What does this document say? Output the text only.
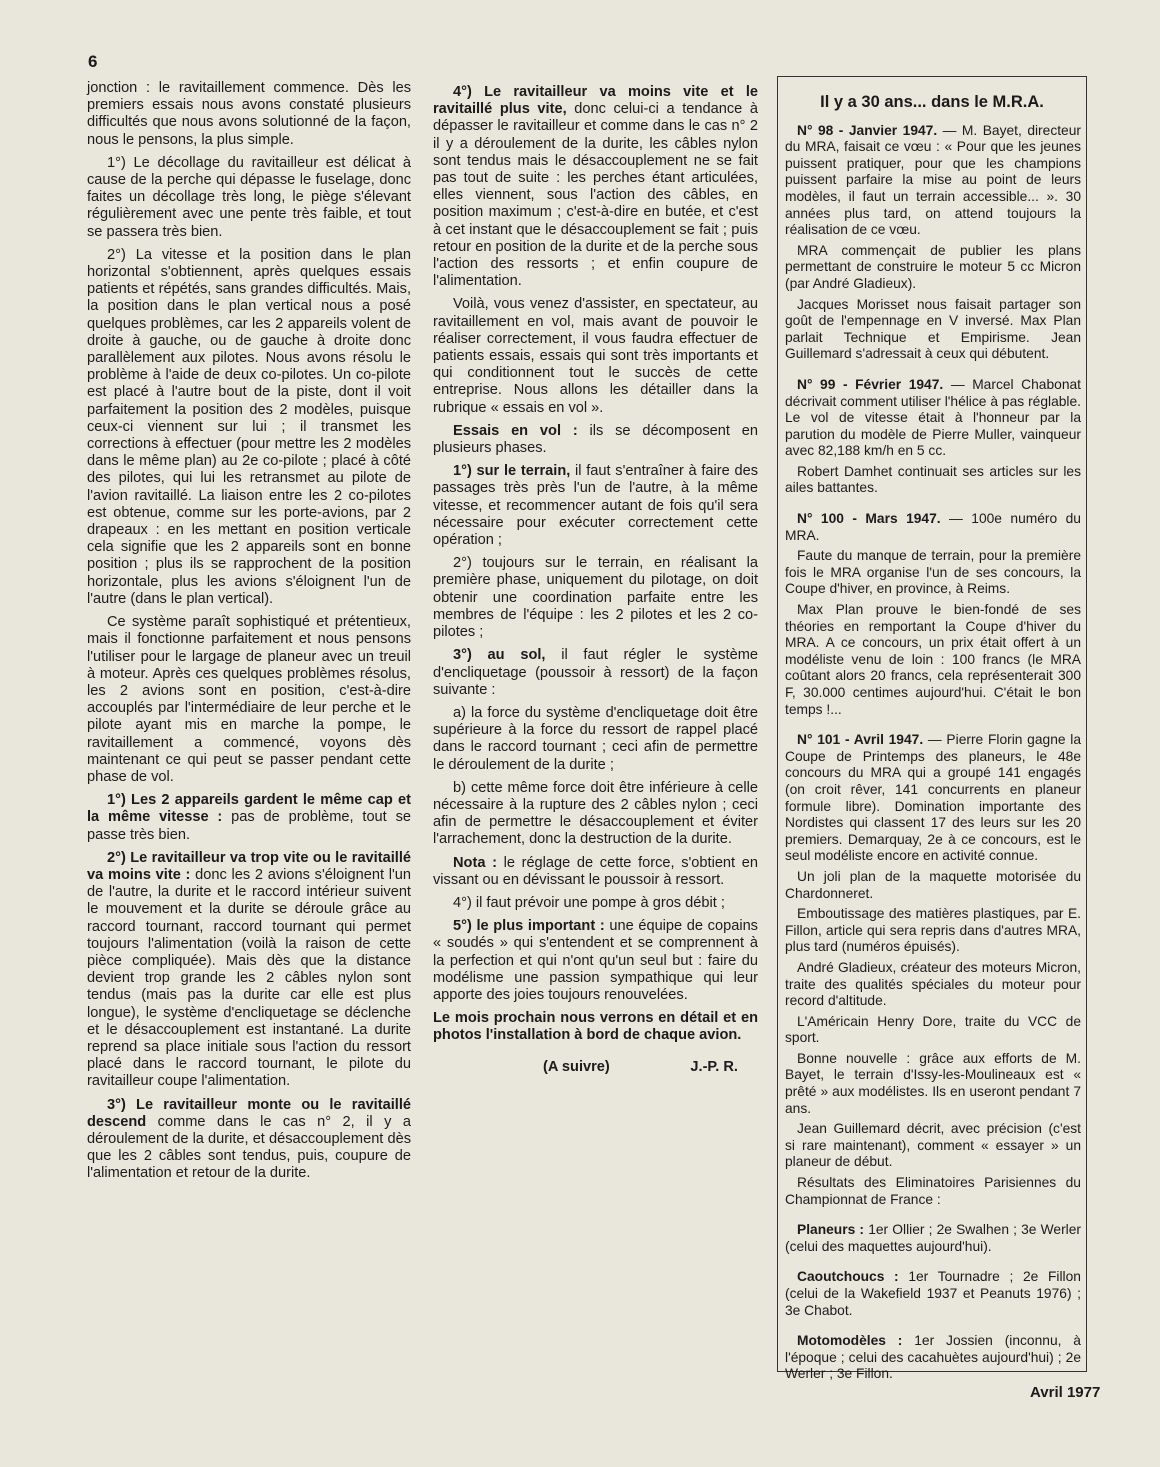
6

jonction : le ravitaillement commence. Dès les premiers essais nous avons constaté plusieurs difficultés que nous avons solutionné de la façon, nous le pensons, la plus simple.

1°) Le décollage du ravitailleur est délicat à cause de la perche qui dépasse le fuselage, donc faites un décollage très long, le piège s'élevant régulièrement avec une pente très faible, et tout se passera très bien.

2°) La vitesse et la position dans le plan horizontal s'obtiennent, après quelques essais patients et répétés, sans grandes difficultés. Mais, la position dans le plan vertical nous a posé quelques problèmes, car les 2 appareils volent de droite à gauche, ou de gauche à droite donc parallèlement aux pilotes. Nous avons résolu le problème à l'aide de deux co-pilotes. Un co-pilote est placé à l'autre bout de la piste, dont il voit parfaitement la position des 2 modèles, puisque ceux-ci viennent sur lui ; il transmet les corrections à effectuer (pour mettre les 2 modèles dans le même plan) au 2e co-pilote ; placé à côté des pilotes, qui lui les retransmet au pilote de l'avion ravitaillé. La liaison entre les 2 co-pilotes est obtenue, comme sur les porte-avions, par 2 drapeaux : en les mettant en position verticale cela signifie que les 2 appareils sont en bonne position ; plus ils se rapprochent de la position horizontale, plus les avions s'éloignent l'un de l'autre (dans le plan vertical).

Ce système paraît sophistiqué et prétentieux, mais il fonctionne parfaitement et nous pensons l'utiliser pour le largage de planeur avec un treuil à moteur. Après ces quelques problèmes résolus, les 2 avions sont en position, c'est-à-dire accouplés par l'intermédiaire de leur perche et le pilote ayant mis en marche la pompe, le ravitaillement a commencé, voyons dès maintenant ce qui peut se passer pendant cette phase de vol.

1°) Les 2 appareils gardent le même cap et la même vitesse : pas de problème, tout se passe très bien.

2°) Le ravitailleur va trop vite ou le ravitaillé va moins vite : donc les 2 avions s'éloignent l'un de l'autre, la durite et le raccord intérieur suivent le mouvement et la durite se déroule grâce au raccord tournant, raccord tournant qui permet toujours l'alimentation (voilà la raison de cette pièce compliquée). Mais dès que la distance devient trop grande les 2 câbles nylon sont tendus (mais pas la durite car elle est plus longue), le système d'encliquetage se déclenche et le désaccouplement est instantané. La durite reprend sa place initiale sous l'action du ressort placé dans le raccord tournant, le pilote du ravitailleur coupe l'alimentation.

3°) Le ravitailleur monte ou le ravitaillé descend comme dans le cas n° 2, il y a déroulement de la durite, et désaccouplement dès que les 2 câbles sont tendus, puis, coupure de l'alimentation et retour de la durite.

4°) Le ravitailleur va moins vite et le ravitaillé plus vite, donc celui-ci a tendance à dépasser le ravitailleur et comme dans le cas n° 2 il y a déroulement de la durite, les câbles nylon sont tendus mais le désaccouplement ne se fait pas tout de suite : les perches étant articulées, elles viennent, sous l'action des câbles, en position maximum ; c'est-à-dire en butée, et c'est à cet instant que le désaccouplement se fait ; puis retour en position de la durite et de la perche sous l'action des ressorts ; et enfin coupure de l'alimentation.

Voilà, vous venez d'assister, en spectateur, au ravitaillement en vol, mais avant de pouvoir le réaliser correctement, il vous faudra effectuer de patients essais, essais qui sont très importants et qui conditionnent tout le succès de cette entreprise. Nous allons les détailler dans la rubrique « essais en vol ».

Essais en vol : ils se décomposent en plusieurs phases.

1°) sur le terrain, il faut s'entraîner à faire des passages très près l'un de l'autre, à la même vitesse, et recommencer autant de fois qu'il sera nécessaire pour exécuter correctement cette opération ;

2°) toujours sur le terrain, en réalisant la première phase, uniquement du pilotage, on doit obtenir une coordination parfaite entre les membres de l'équipe : les 2 pilotes et les 2 co-pilotes ;

3°) au sol, il faut régler le système d'encliquetage (poussoir à ressort) de la façon suivante :

a) la force du système d'encliquetage doit être supérieure à la force du ressort de rappel placé dans le raccord tournant ; ceci afin de permettre le déroulement de la durite ;

b) cette même force doit être inférieure à celle nécessaire à la rupture des 2 câbles nylon ; ceci afin de permettre le désaccouplement et éviter l'arrachement, donc la destruction de la durite.

Nota : le réglage de cette force, s'obtient en vissant ou en dévissant le poussoir à ressort.

4°) il faut prévoir une pompe à gros débit ;

5°) le plus important : une équipe de copains « soudés » qui s'entendent et se comprennent à la perfection et qui n'ont qu'un seul but : faire du modélisme une passion sympathique qui leur apporte des joies toujours renouvelées.

Le mois prochain nous verrons en détail et en photos l'installation à bord de chaque avion.

(A suivre)	J.-P. R.
Il y a 30 ans... dans le M.R.A.

N° 98 - Janvier 1947. — M. Bayet, directeur du MRA, faisait ce vœu : « Pour que les jeunes puissent pratiquer, pour que les champions puissent parfaire la mise au point de leurs modèles, il faut un terrain accessible... ». 30 années plus tard, on attend toujours la réalisation de ce vœu.

MRA commençait de publier les plans permettant de construire le moteur 5 cc Micron (par André Gladieux).

Jacques Morisset nous faisait partager son goût de l'empennage en V inversé. Max Plan parlait Technique et Empirisme. Jean Guillemard s'adressait à ceux qui débutent.

N° 99 - Février 1947. — Marcel Chabonat décrivait comment utiliser l'hélice à pas réglable. Le vol de vitesse était à l'honneur par la parution du modèle de Pierre Muller, vainqueur avec 82,188 km/h en 5 cc.

Robert Damhet continuait ses articles sur les ailes battantes.

N° 100 - Mars 1947. — 100e numéro du MRA.

Faute du manque de terrain, pour la première fois le MRA organise l'un de ses concours, la Coupe d'hiver, en province, à Reims.

Max Plan prouve le bien-fondé de ses théories en remportant la Coupe d'hiver du MRA. A ce concours, un prix était offert à un modéliste venu de loin : 100 francs (le MRA coûtant alors 20 francs, cela représenterait 300 F, 30.000 centimes aujourd'hui. C'était le bon temps !...

N° 101 - Avril 1947. — Pierre Florin gagne la Coupe de Printemps des planeurs, le 48e concours du MRA qui a groupé 141 engagés (on croit rêver, 141 concurrents en planeur formule libre). Domination importante des Nordistes qui classent 17 des leurs sur les 20 premiers. Demarquay, 2e à ce concours, est le seul modéliste encore en activité connue.

Un joli plan de la maquette motorisée du Chardonneret.

Emboutissage des matières plastiques, par E. Fillon, article qui sera repris dans d'autres MRA, plus tard (numéros épuisés).

André Gladieux, créateur des moteurs Micron, traite des qualités spéciales du moteur pour record d'altitude.

L'Américain Henry Dore, traite du VCC de sport.

Bonne nouvelle : grâce aux efforts de M. Bayet, le terrain d'Issy-les-Moulineaux est « prêté » aux modélistes. Ils en useront pendant 7 ans.

Jean Guillemard décrit, avec précision (c'est si rare maintenant), comment « essayer » un planeur de début.

Résultats des Eliminatoires Parisiennes du Championnat de France :

Planeurs : 1er Ollier ; 2e Swalhen ; 3e Werler (celui des maquettes aujourd'hui).

Caoutchoucs : 1er Tournadre ; 2e Fillon (celui de la Wakefield 1937 et Peanuts 1976) ; 3e Chabot.

Motomodèles : 1er Jossien (inconnu, à l'époque ; celui des cacahuètes aujourd'hui) ; 2e Werler ; 3e Fillon.

Avril 1977
